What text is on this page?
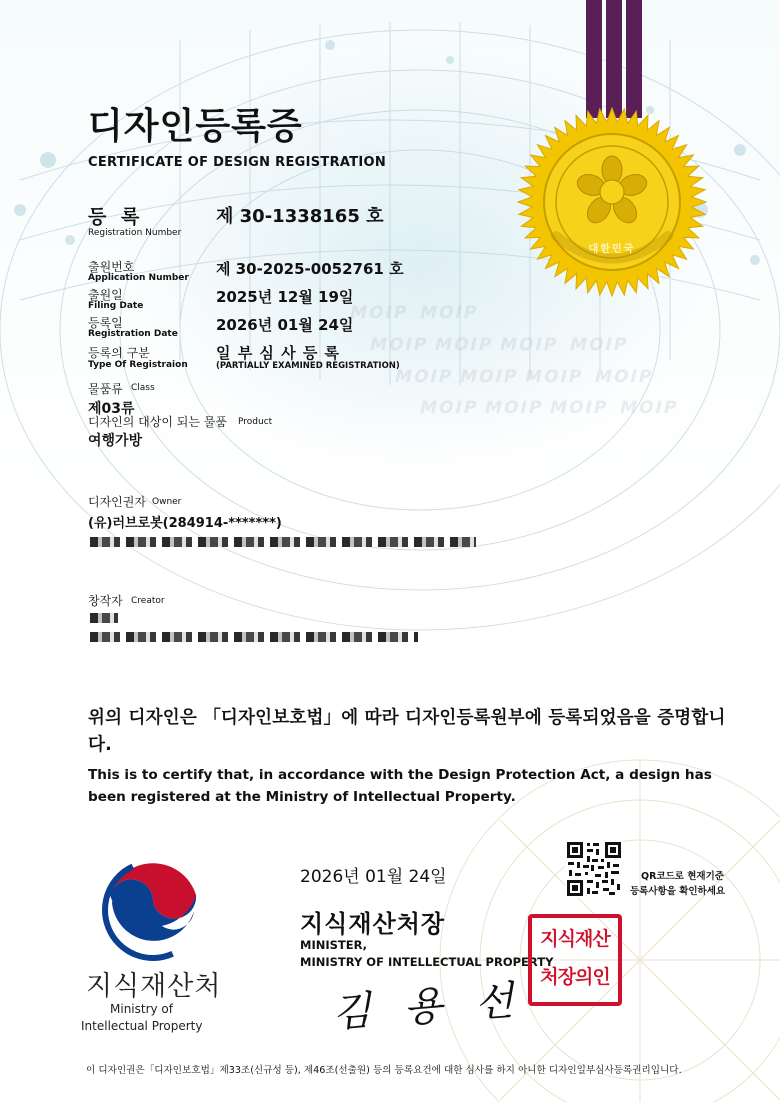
대한민국
MOIP MOIP
MOIP MOIP MOIP MOIP
MOIP MOIP MOIP MOIP
MOIP MOIP MOIP MOIP
디자인등록증
CERTIFICATE OF DESIGN REGISTRATION
등 록
Registration Number
제 30-1338165 호
출원번호
Application Number 제 30-2025-0052761 호
출원일
Filing Date	2025년 12월 19일
등록일
Registration Date	2026년 01월 24일
등록의 구분
Type Of Registraion
일 부 심 사 등 록
(PARTIALLY EXAMINED REGISTRATION)
물품류 Class
제03류
디자인의 대상이 되는 물품 Product
여행가방
디자인권자 Owner
(유)러브로봇(284914-*******)
창작자 Creator
위의 디자인은 「디자인보호법」에 따라 디자인등록원부에 등록되었음을 증명합니다.
This is to certify that, in accordance with the Design Protection Act, a design has been registered at the Ministry of Intellectual Property.
2026년 01월 24일	QR코드로 현재기준
등록사항을 확인하세요
지식재산처장
MINISTER,
MINISTRY OF INTELLECTUAL PROPERTY
김 용 선
지식재산
처장의인
지식재산처
Ministry of
Intellectual Property
이 디자인권은「디자인보호법」제33조(신규성 등), 제46조(선출원) 등의 등록요건에 대한 심사를 하지 아니한 디자인일부심사등록권리입니다.
